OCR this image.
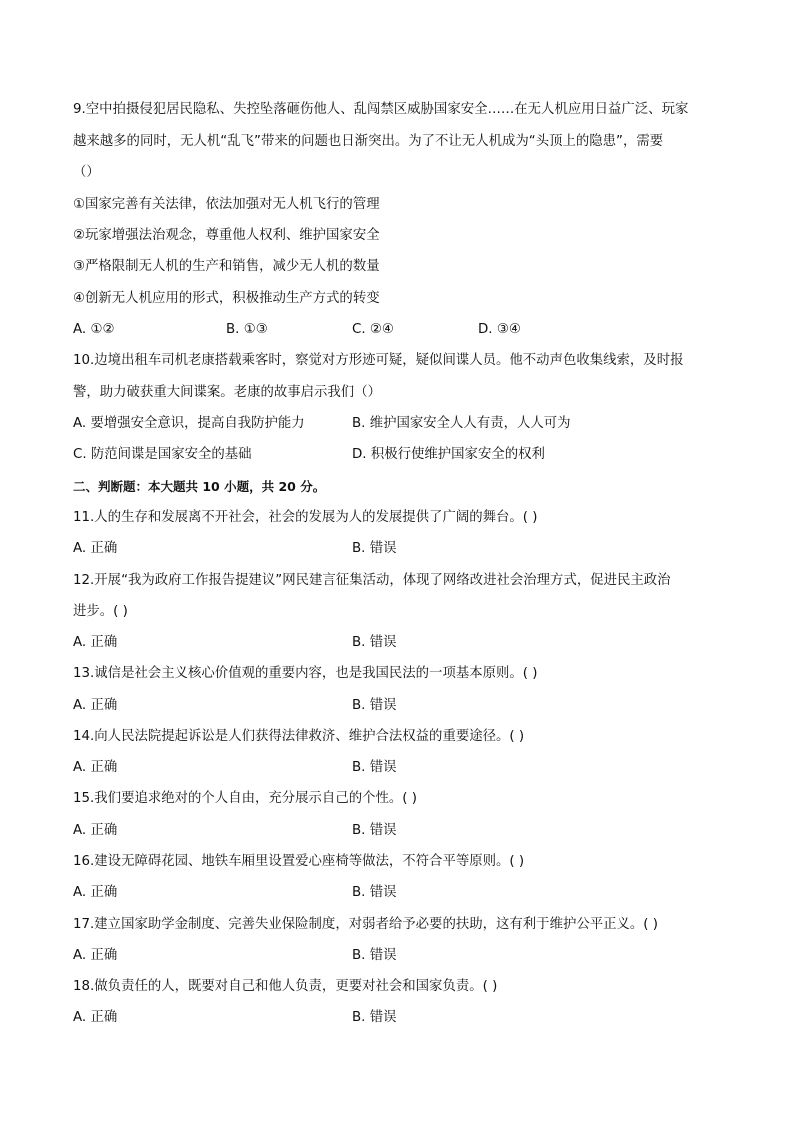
9.空中拍摄侵犯居民隐私、失控坠落砸伤他人、乱闯禁区威胁国家安全……在无人机应用日益广泛、玩家
越来越多的同时，无人机“乱飞”带来的问题也日渐突出。为了不让无人机成为“头顶上的隐患”，需要
（）
①国家完善有关法律，依法加强对无人机飞行的管理
②玩家增强法治观念，尊重他人权利、维护国家安全
③严格限制无人机的生产和销售，减少无人机的数量
④创新无人机应用的形式，积极推动生产方式的转变
A. ①②	B. ①③	C. ②④	D. ③④
10.边境出租车司机老康搭载乘客时，察觉对方形迹可疑，疑似间谍人员。他不动声色收集线索，及时报
警，助力破获重大间谍案。老康的故事启示我们（）
A. 要增强安全意识，提高自我防护能力	B. 维护国家安全人人有责，人人可为
C. 防范间谍是国家安全的基础	D. 积极行使维护国家安全的权利
二、判断题：本大题共 10 小题，共 20 分。
11.人的生存和发展离不开社会，社会的发展为人的发展提供了广阔的舞台。( )
A. 正确	B. 错误
12.开展“我为政府工作报告提建议”网民建言征集活动，体现了网络改进社会治理方式，促进民主政治
进步。( )
A. 正确	B. 错误
13.诚信是社会主义核心价值观的重要内容，也是我国民法的一项基本原则。( )
A. 正确	B. 错误
14.向人民法院提起诉讼是人们获得法律救济、维护合法权益的重要途径。( )
A. 正确	B. 错误
15.我们要追求绝对的个人自由，充分展示自己的个性。( )
A. 正确	B. 错误
16.建设无障碍花园、地铁车厢里设置爱心座椅等做法，不符合平等原则。( )
A. 正确	B. 错误
17.建立国家助学金制度、完善失业保险制度，对弱者给予必要的扶助，这有利于维护公平正义。( )
A. 正确	B. 错误
18.做负责任的人，既要对自己和他人负责，更要对社会和国家负责。( )
A. 正确	B. 错误
